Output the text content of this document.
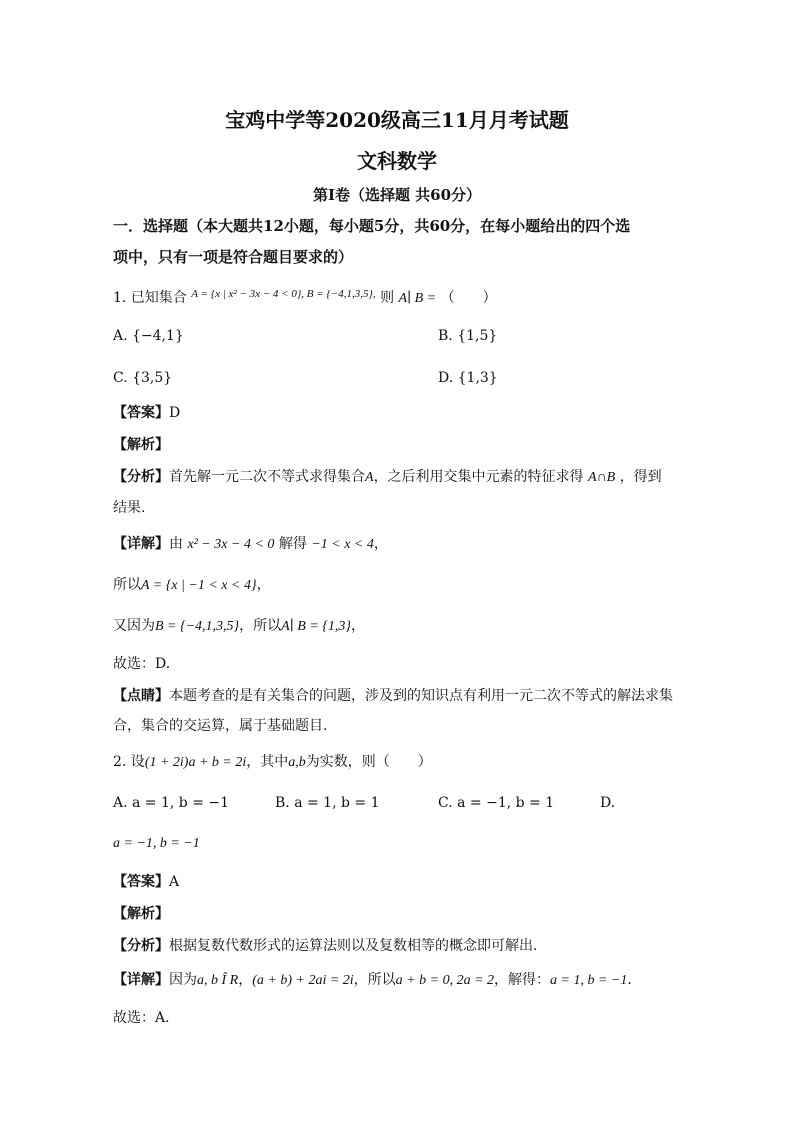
宝鸡中学等2020级高三11月月考试题
文科数学
第I卷（选择题 共60分）
一．选择题（本大题共12小题，每小题5分，共60分，在每小题给出的四个选
项中，只有一项是符合题目要求的）
1. 已知集合 $^{A = \{x | x^2 - 3x - 4 < 0\}, B = \{-4,1,3,5\},}$ 则 A∣ B = （　　）
A. {−4,1}	B. {1,5}
C. {3,5}	D. {1,3}
【答案】D
【解析】
【分析】首先解一元二次不等式求得集合A，之后利用交集中元素的特征求得 A∩B ，得到
结果.
【详解】由 x² − 3x − 4 < 0 解得 −1 < x < 4，
所以A = {x | −1 < x < 4}，
又因为B = {−4,1,3,5}，所以A∣ B = {1,3}，
故选：D.
【点睛】本题考查的是有关集合的问题，涉及到的知识点有利用一元二次不等式的解法求集
合，集合的交运算，属于基础题目.
2. 设(1 + 2i)a + b = 2i，其中a,b为实数，则（　　）
A. a = 1, b = −1	B. a = 1, b = 1	C. a = −1, b = 1	D.
a = −1, b = −1
【答案】A
【解析】
【分析】根据复数代数形式的运算法则以及复数相等的概念即可解出.
【详解】因为a, b Î R，(a + b) + 2ai = 2i，所以a + b = 0, 2a = 2，解得：a = 1, b = −1.
故选：A.
